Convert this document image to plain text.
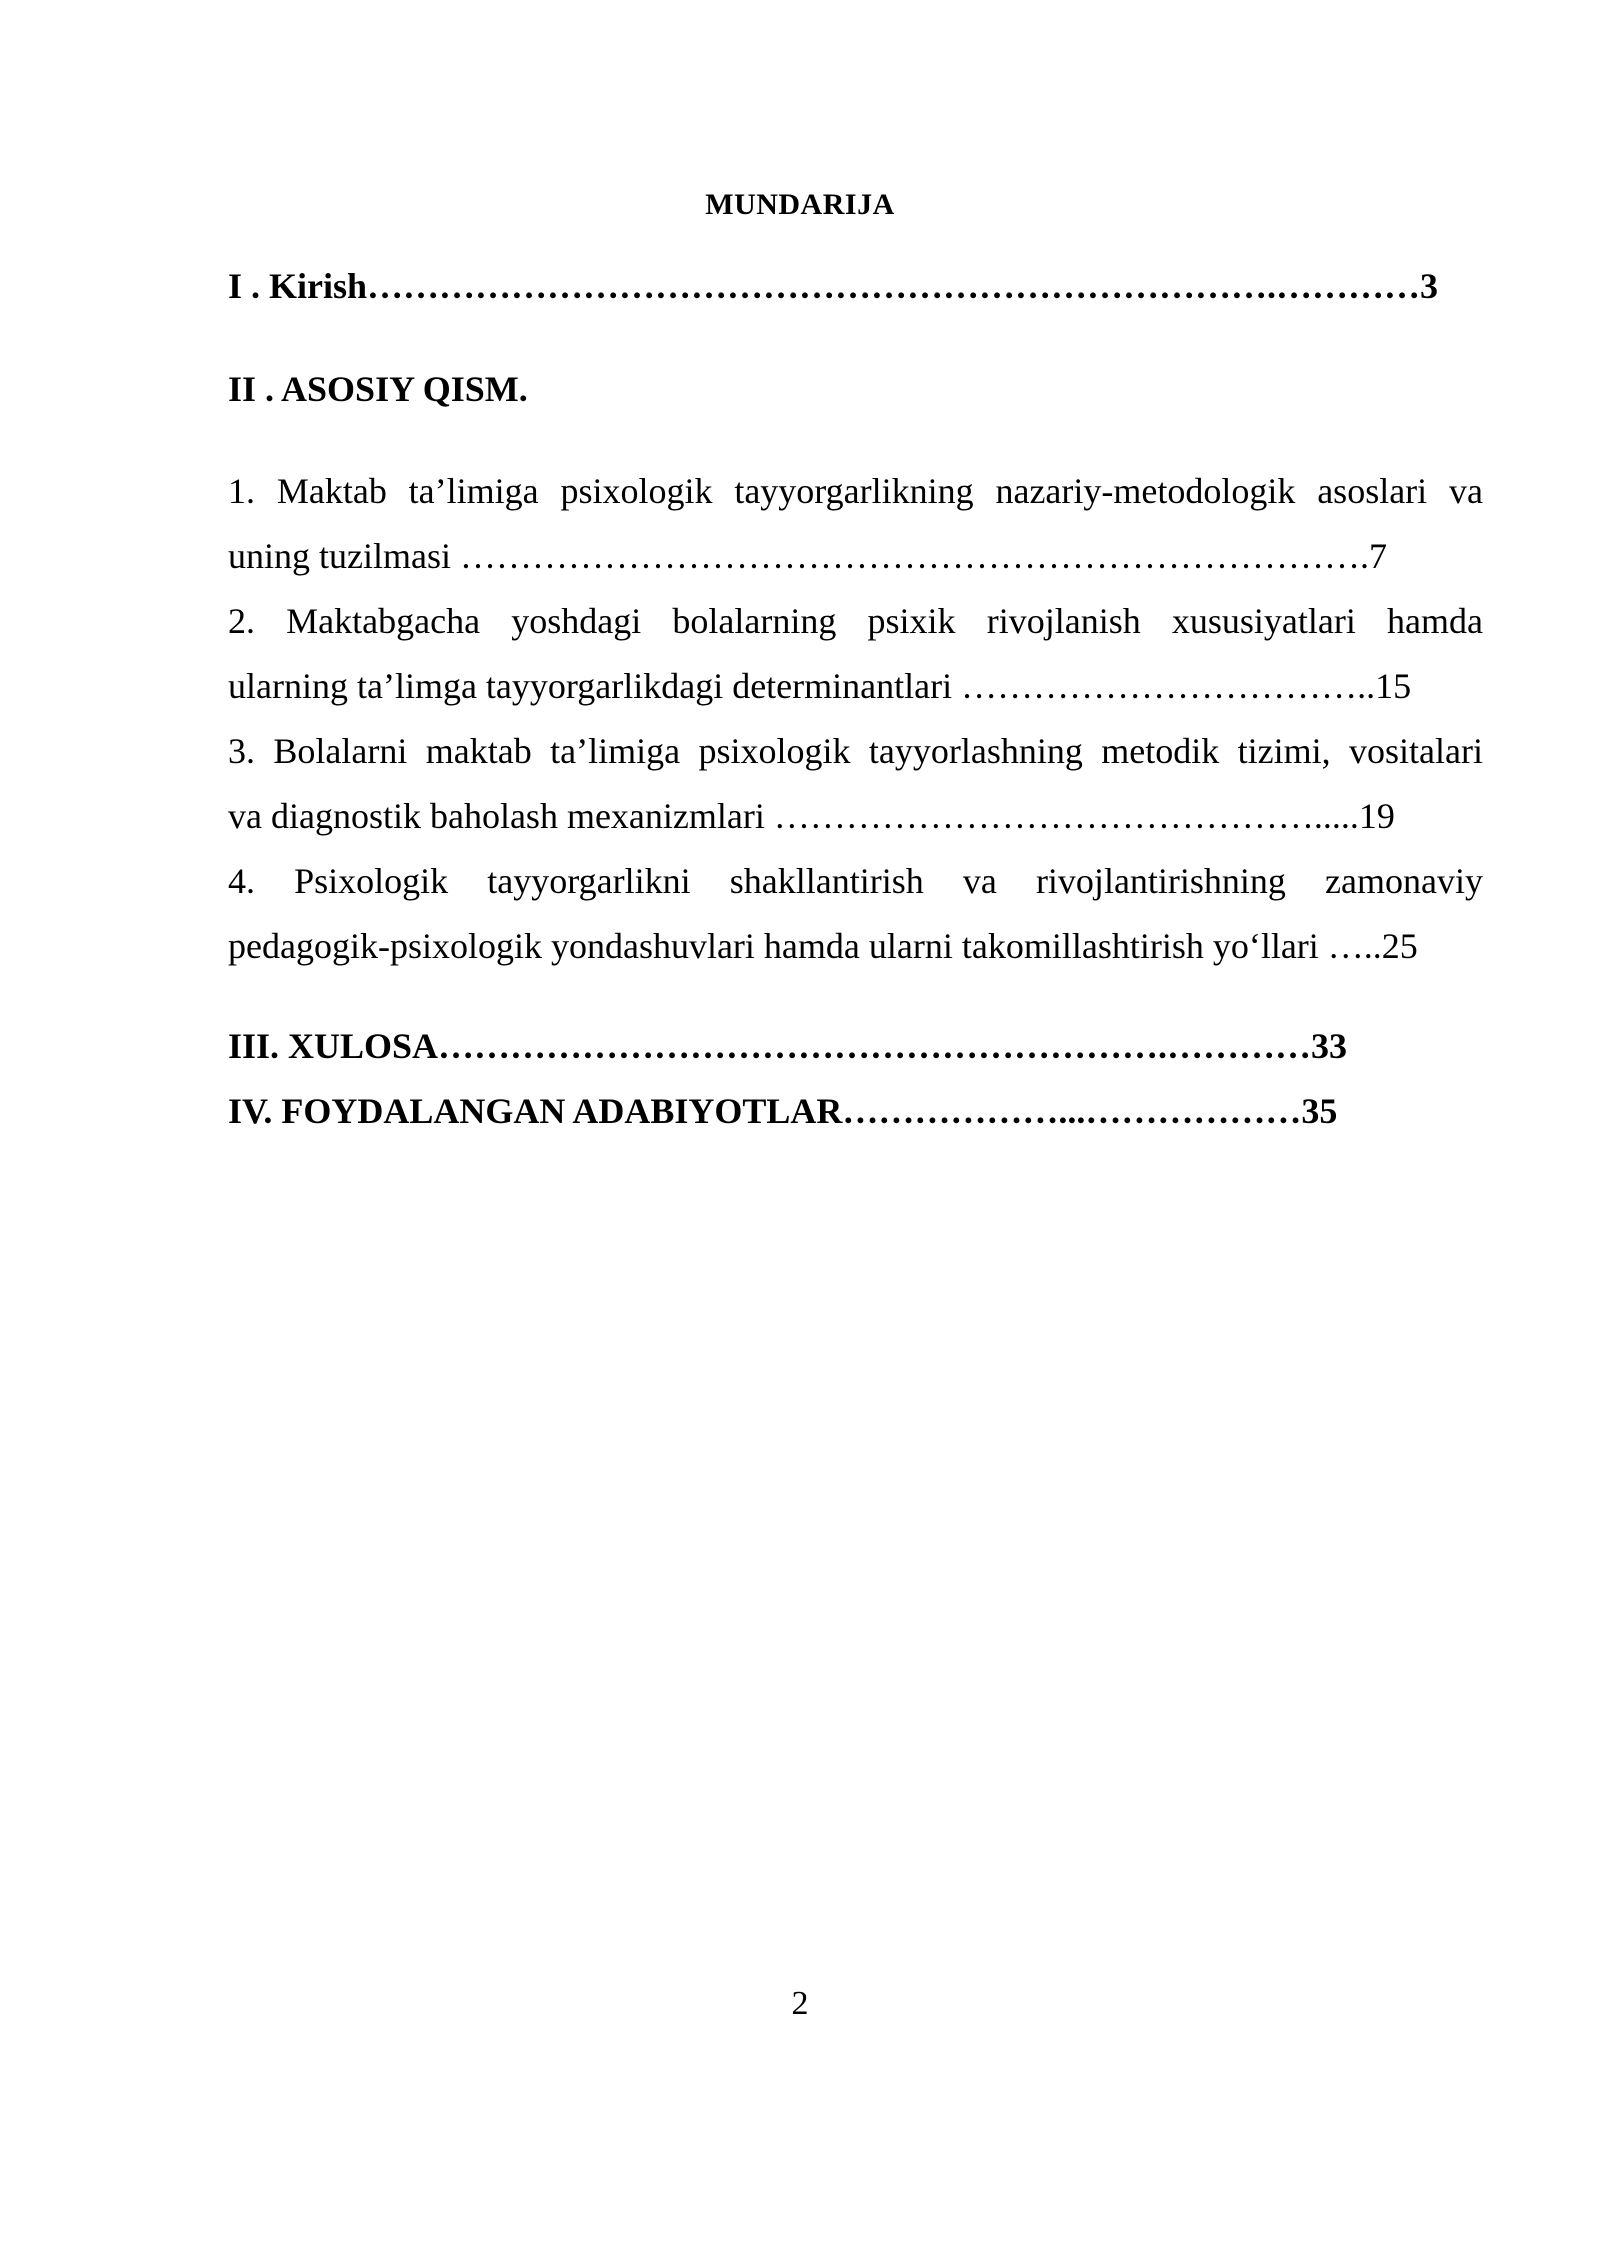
MUNDARIJA
I . Kirish………………………………………………………………….…………3
II . ASOSIY QISM.
1. Maktab ta’limiga psixologik tayyorgarlikning nazariy-metodologik asoslari va
uning tuzilmasi ………………………………………………………………….7
2. Maktabgacha yoshdagi bolalarning psixik rivojlanish xususiyatlari hamda
ularning ta’limga tayyorgarlikdagi determinantlari ……………………………..15
3. Bolalarni maktab ta’limiga psixologik tayyorlashning metodik tizimi, vositalari
va diagnostik baholash mexanizmlari ……………………………………….....19
4. Psixologik tayyorgarlikni shakllantirish va rivojlantirishning zamonaviy
pedagogik-psixologik yondashuvlari hamda ularni takomillashtirish yo‘llari …..25
III. XULOSA…………………………………………………….…………33
IV. FOYDALANGAN ADABIYOTLAR………………...………………35
2
